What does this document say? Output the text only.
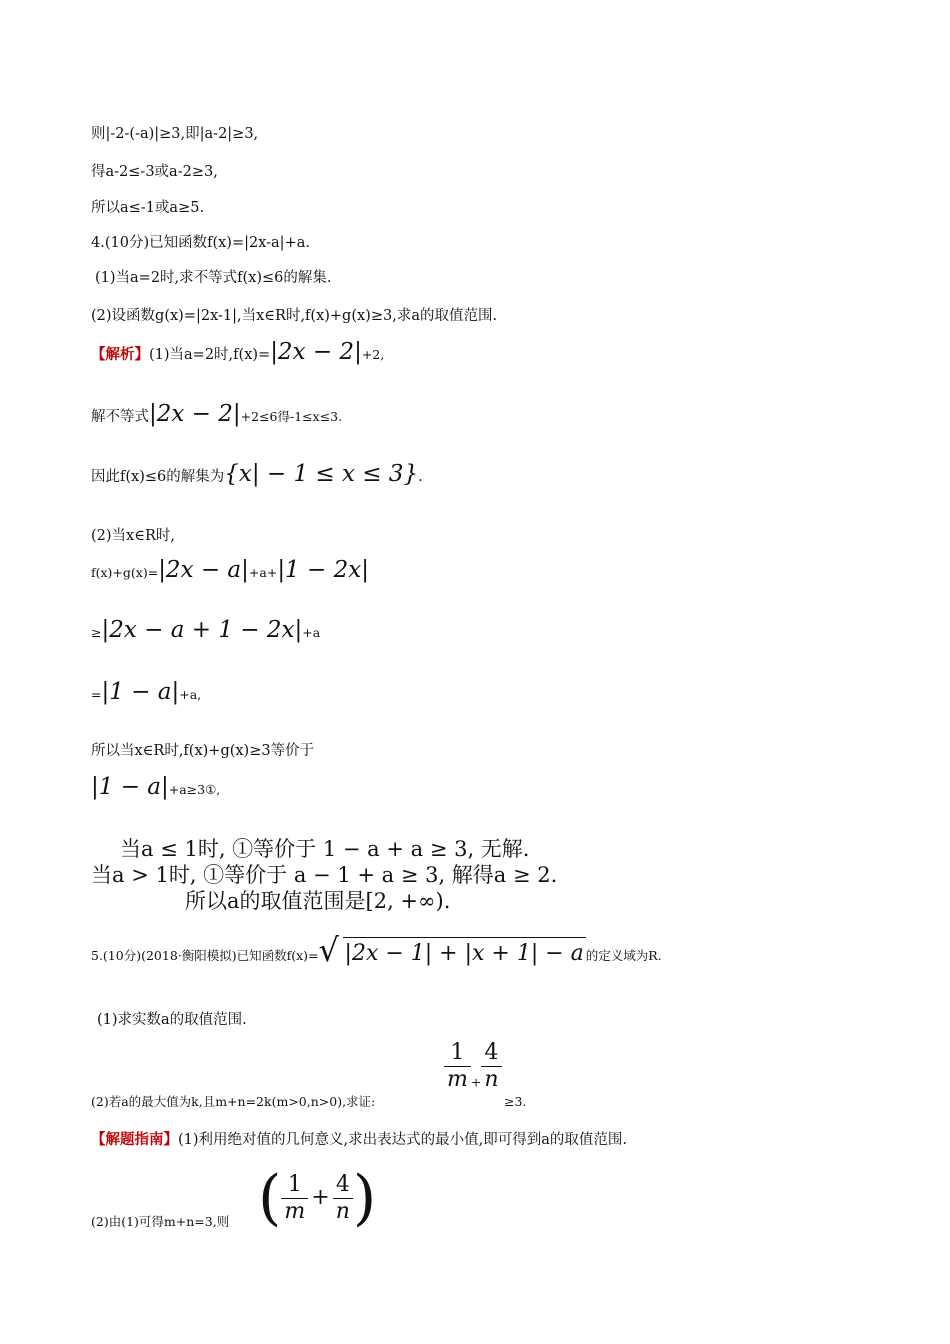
则|-2-(-a)|≥3,即|a-2|≥3,
得a-2≤-3或a-2≥3,
所以a≤-1或a≥5.
4.(10分)已知函数f(x)=|2x-a|+a.
(1)当a=2时,求不等式f(x)≤6的解集.
(2)设函数g(x)=|2x-1|,当x∈R时,f(x)+g(x)≥3,求a的取值范围.
【解析】(1)当a=2时,f(x)=|2x − 2|+2,
解不等式|2x − 2|+2≤6得-1≤x≤3.
因此f(x)≤6的解集为{x| − 1 ≤ x ≤ 3}.
(2)当x∈R时,
f(x)+g(x)=|2x − a|+a+|1 − 2x|
≥|2x − a + 1 − 2x|+a
=|1 − a|+a,
所以当x∈R时,f(x)+g(x)≥3等价于
|1 − a|+a≥3①,
当a ≤ 1时, ①等价于 1 − a + a ≥ 3, 无解.
当a > 1时, ①等价于 a − 1 + a ≥ 3, 解得a ≥ 2.
所以a的取值范围是[2, +∞).
5.(10分)(2018·衡阳模拟)已知函数f(x)= √ |2x − 1| + |x + 1| − a 的定义域为R.
(1)求实数a的取值范围.
$\frac{1}{m} _+ \frac{4}{n}$
(2)若a的最大值为k,且m+n=2k(m>0,n>0),求证:	≥3.
【解题指南】(1)利用绝对值的几何意义,求出表达式的最小值,即可得到a的取值范围.
(2)由(1)可得m+n=3,则 ( $\frac{1}{m} + \frac{4}{n}$ )
